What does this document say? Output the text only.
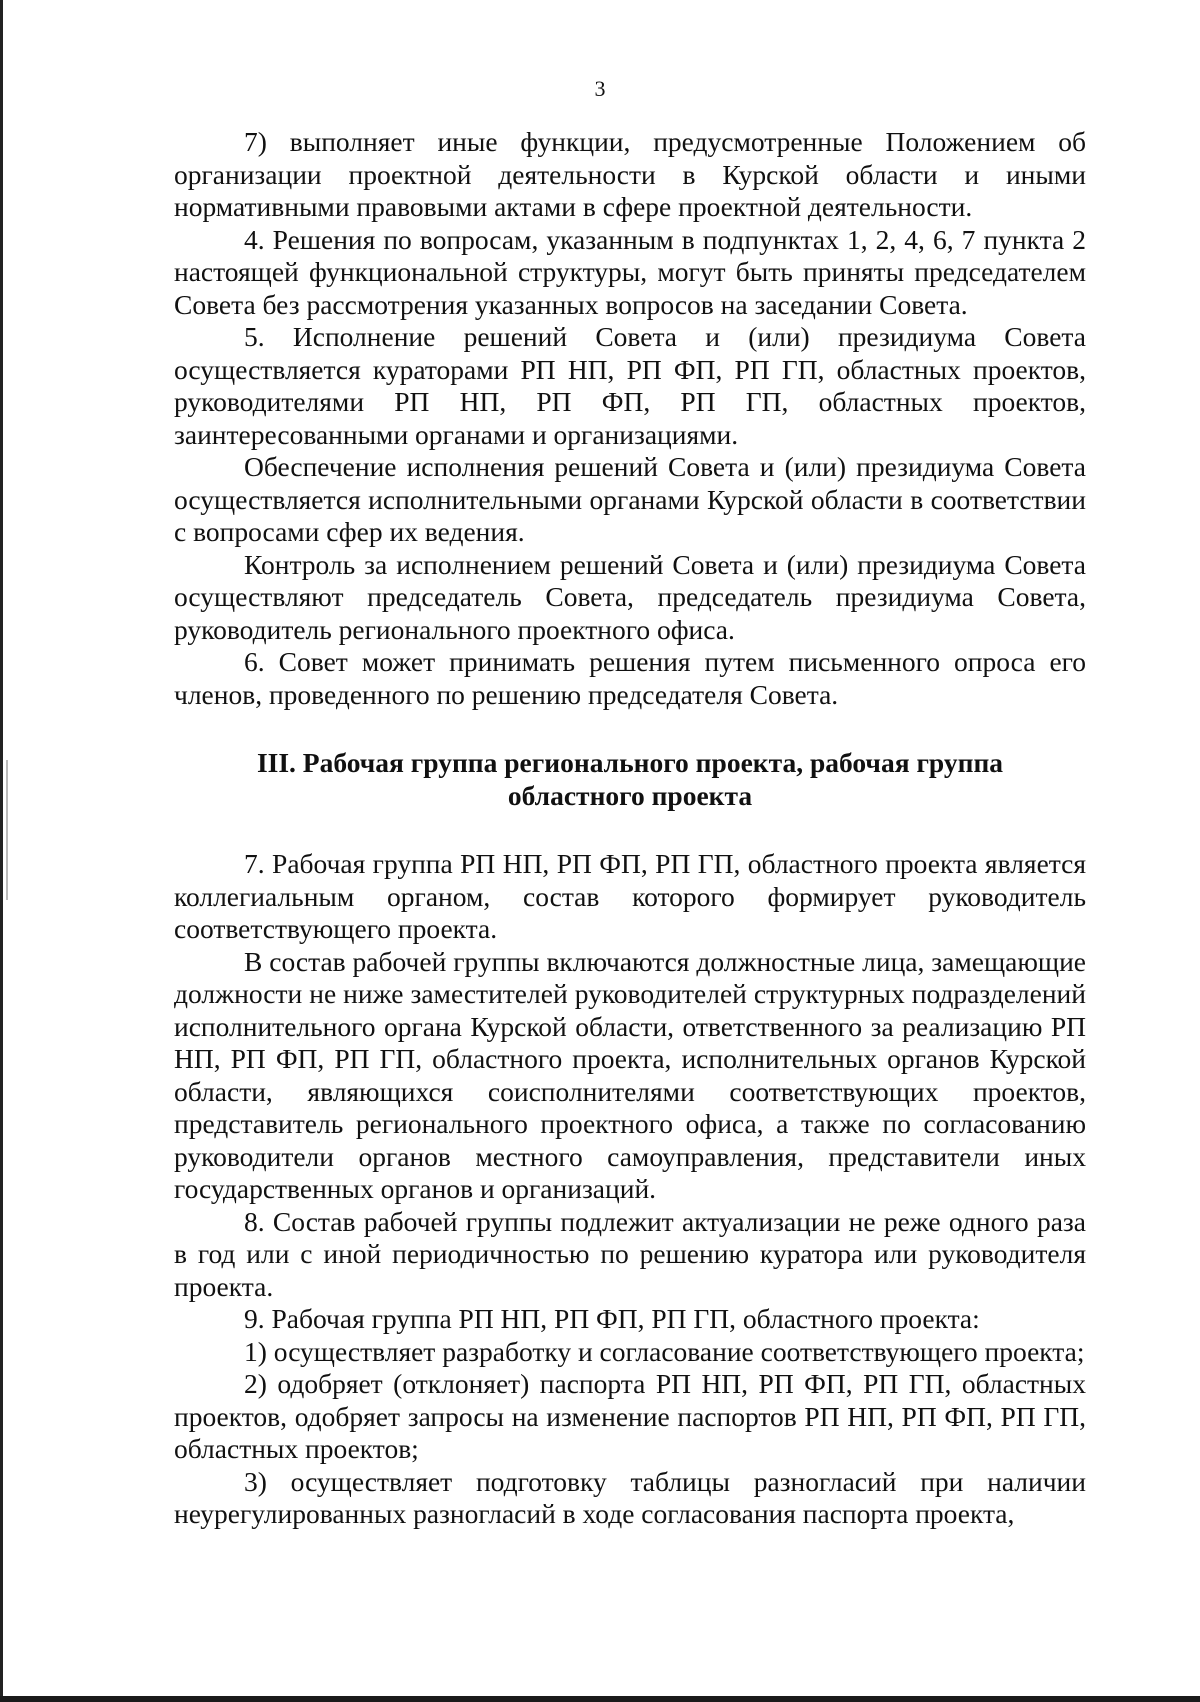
3

7) выполняет иные функции, предусмотренные Положением об организации проектной деятельности в Курской области и иными нормативными правовыми актами в сфере проектной деятельности.

4. Решения по вопросам, указанным в подпунктах 1, 2, 4, 6, 7 пункта 2 настоящей функциональной структуры, могут быть приняты председателем Совета без рассмотрения указанных вопросов на заседании Совета.

5. Исполнение решений Совета и (или) президиума Совета осуществляется кураторами РП НП, РП ФП, РП ГП, областных проектов, руководителями РП НП, РП ФП, РП ГП, областных проектов, заинтересованными органами и организациями.

Обеспечение исполнения решений Совета и (или) президиума Совета осуществляется исполнительными органами Курской области в соответствии с вопросами сфер их ведения.

Контроль за исполнением решений Совета и (или) президиума Совета осуществляют председатель Совета, председатель президиума Совета, руководитель регионального проектного офиса.

6. Совет может принимать решения путем письменного опроса его членов, проведенного по решению председателя Совета.

III. Рабочая группа регионального проекта, рабочая группа
областного проекта

7. Рабочая группа РП НП, РП ФП, РП ГП, областного проекта является коллегиальным органом, состав которого формирует руководитель соответствующего проекта.

В состав рабочей группы включаются должностные лица, замещающие должности не ниже заместителей руководителей структурных подразделений исполнительного органа Курской области, ответственного за реализацию РП НП, РП ФП, РП ГП, областного проекта, исполнительных органов Курской области, являющихся соисполнителями соответствующих проектов, представитель регионального проектного офиса, а также по согласованию руководители органов местного самоуправления, представители иных государственных органов и организаций.

8. Состав рабочей группы подлежит актуализации не реже одного раза в год или с иной периодичностью по решению куратора или руководителя проекта.

9. Рабочая группа РП НП, РП ФП, РП ГП, областного проекта:

1) осуществляет разработку и согласование соответствующего проекта;

2) одобряет (отклоняет) паспорта РП НП, РП ФП, РП ГП, областных проектов, одобряет запросы на изменение паспортов РП НП, РП ФП, РП ГП, областных проектов;

3) осуществляет подготовку таблицы разногласий при наличии неурегулированных разногласий в ходе согласования паспорта проекта,
